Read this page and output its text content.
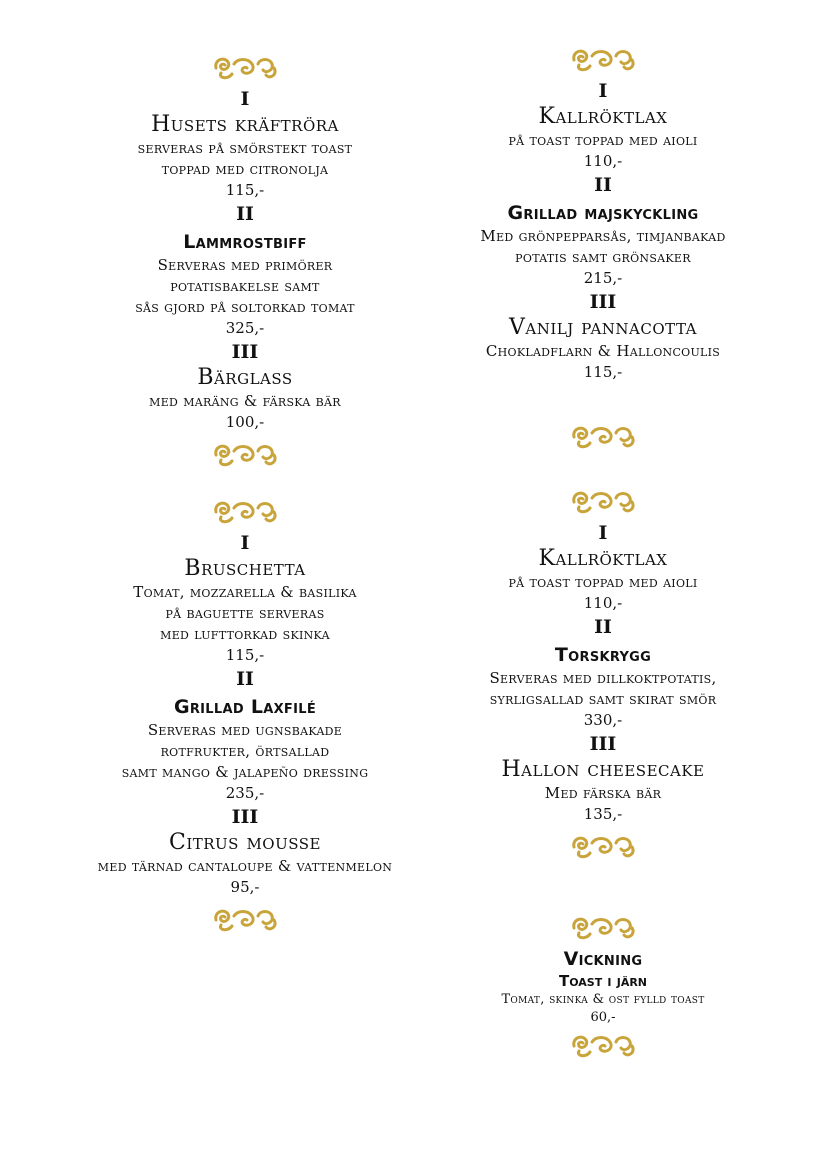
I
Husets kräftröra
serveras på smörstekt toast
toppad med citronolja
115,-
II
Lammrostbiff
Serveras med primörer
potatisbakelse samt
sås gjord på soltorkad tomat
325,-
III
Bärglass
med maräng & färska bär
100,-
I
Kallröktlax
på toast toppad med aioli
110,-
II
Grillad majskyckling
Med grönpepparsås, timjanbakad
potatis samt grönsaker
215,-
III
Vanilj pannacotta
Chokladflarn & Halloncoulis
115,-
I
Bruschetta
Tomat, mozzarella & basilika
på baguette serveras
med lufttorkad skinka
115,-
II
Grillad Laxfilé
Serveras med ugnsbakade
rotfrukter, örtsallad
samt mango & jalapeño dressing
235,-
III
Citrus mousse
med tärnad cantaloupe & vattenmelon
95,-
I
Kallröktlax
på toast toppad med aioli
110,-
II
Torskrygg
Serveras med dillkoktpotatis,
syrligsallad samt skirat smör
330,-
III
Hallon cheesecake
Med färska bär
135,-
Vickning
Toast i järn
Tomat, skinka & ost fylld toast
60,-
